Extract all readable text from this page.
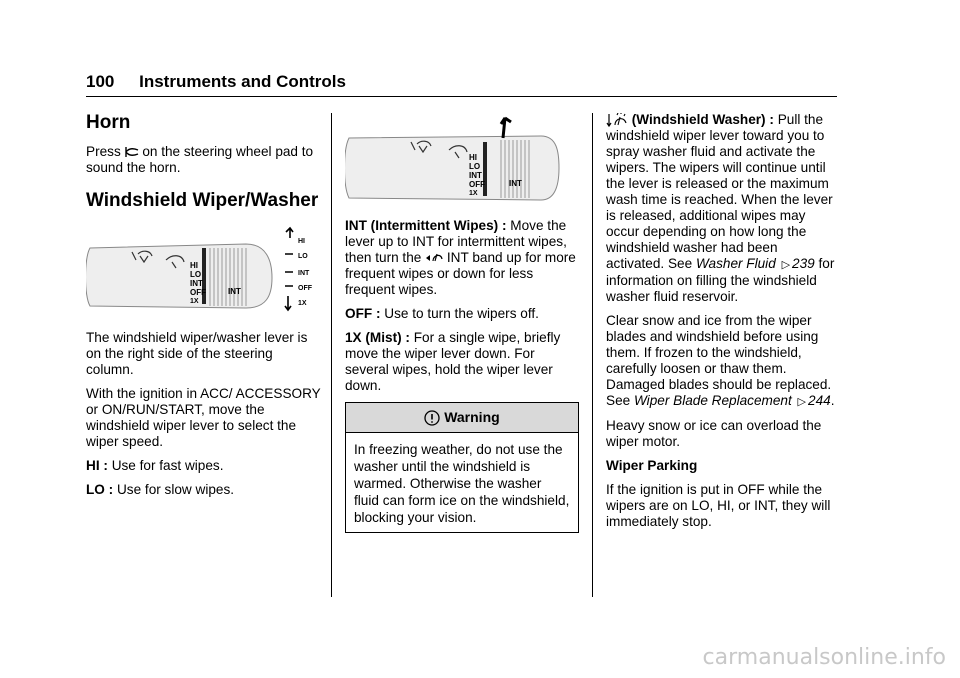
100 Instruments and Controls
Horn

Press on the steering wheel pad to sound the horn.

Windshield Wiper/Washer
HI
LO
INT
OFF
1X
INT
HI
LO
INT
OFF
1X

The windshield wiper/washer lever is on the right side of the steering column.

With the ignition in ACC/ ACCESSORY or ON/RUN/START, move the windshield wiper lever to select the wiper speed.

HI : Use for fast wipes.

LO : Use for slow wipes.

HI
LO
INT
OFF
1X
INT

INT (Intermittent Wipes) : Move the lever up to INT for intermittent wipes, then turn the INT band up for more frequent wipes or down for less frequent wipes.

OFF : Use to turn the wipers off.

1X (Mist) : For a single wipe, briefly move the wiper lever down. For several wipes, hold the wiper lever down.

Warning
In freezing weather, do not use the washer until the windshield is warmed. Otherwise the washer fluid can form ice on the windshield, blocking your vision.

(Windshield Washer) : Pull the windshield wiper lever toward you to spray washer fluid and activate the wipers. The wipers will continue until the lever is released or the maximum wash time is reached. When the lever is released, additional wipes may occur depending on how long the windshield washer had been activated. See Washer Fluid ▷ 239 for information on filling the windshield washer fluid reservoir.

Clear snow and ice from the wiper blades and windshield before using them. If frozen to the windshield, carefully loosen or thaw them. Damaged blades should be replaced. See Wiper Blade Replacement ▷ 244.

Heavy snow or ice can overload the wiper motor.

Wiper Parking

If the ignition is put in OFF while the wipers are on LO, HI, or INT, they will immediately stop.

carmanualsonline.info
